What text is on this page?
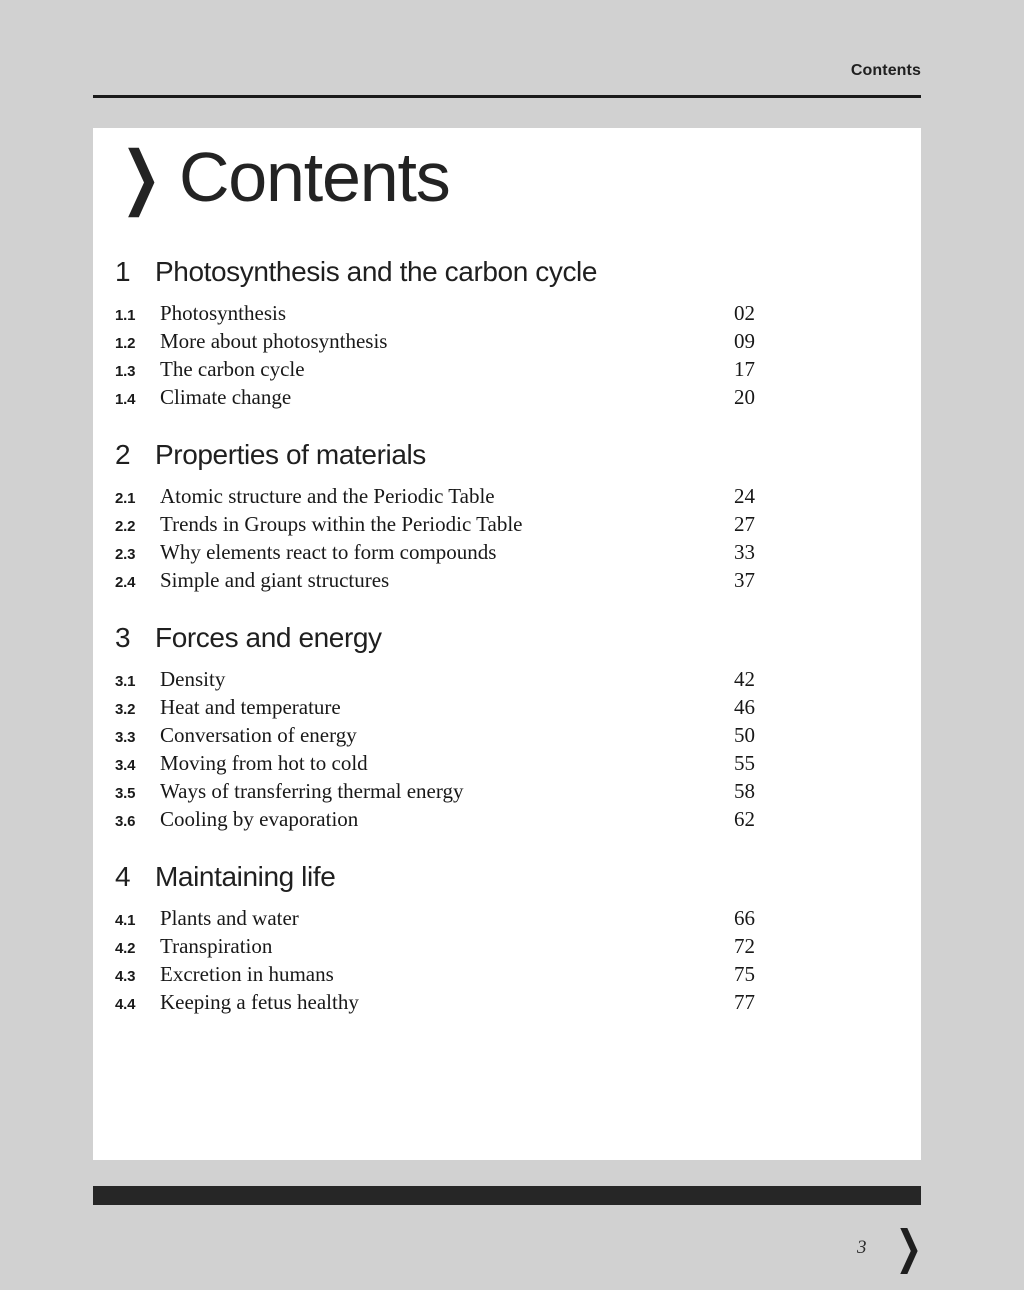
Contents
❯ Contents
1 Photosynthesis and the carbon cycle
1.1	Photosynthesis	02
1.2	More about photosynthesis	09
1.3	The carbon cycle	17
1.4	Climate change	20
2 Properties of materials
2.1	Atomic structure and the Periodic Table	24
2.2	Trends in Groups within the Periodic Table	27
2.3	Why elements react to form compounds	33
2.4	Simple and giant structures	37
3 Forces and energy
3.1	Density	42
3.2	Heat and temperature	46
3.3	Conversation of energy	50
3.4	Moving from hot to cold	55
3.5	Ways of transferring thermal energy	58
3.6	Cooling by evaporation	62
4 Maintaining life
4.1	Plants and water	66
4.2	Transpiration	72
4.3	Excretion in humans	75
4.4	Keeping a fetus healthy	77
3 ❯
